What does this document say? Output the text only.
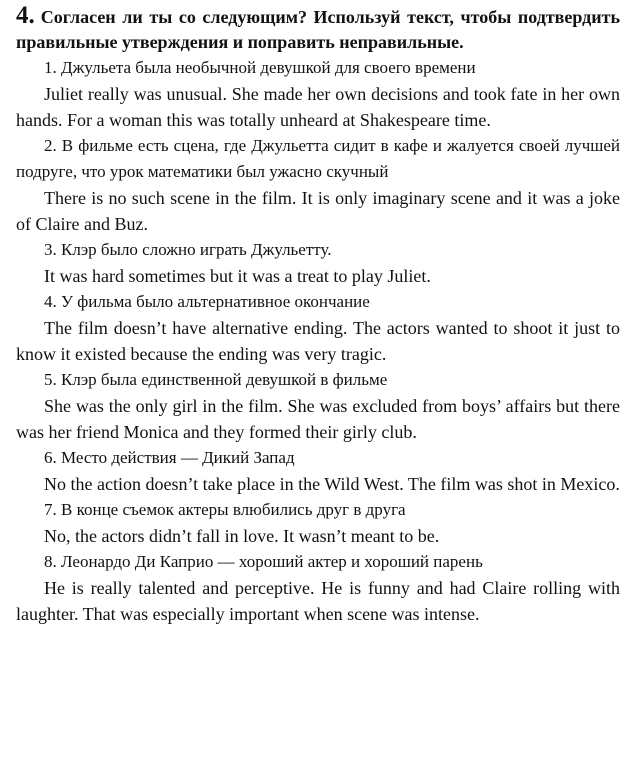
4. Согласен ли ты со следующим? Используй текст, чтобы подтвердить правильные утверждения и поправить неправильные.

1. Джульета была необычной девушкой для своего времени

Juliet really was unusual. She made her own decisions and took fate in her own hands. For a woman this was totally unheard at Shakespeare time.

2. В фильме есть сцена, где Джульетта сидит в кафе и жалуется своей лучшей подруге, что урок математики был ужасно скучный

There is no such scene in the film. It is only imaginary scene and it was a joke of Claire and Buz.

3. Клэр было сложно играть Джульетту.

It was hard sometimes but it was a treat to play Juliet.

4. У фильма было альтернативное окончание

The film doesn’t have alternative ending. The actors wanted to shoot it just to know it existed because the ending was very tragic.

5. Клэр была единственной девушкой в фильме

She was the only girl in the film. She was excluded from boys’ affairs but there was her friend Monica and they formed their girly club.

6. Место действия — Дикий Запад

No the action doesn’t take place in the Wild West. The film was shot in Mexico.

7. В конце съемок актеры влюбились друг в друга

No, the actors didn’t fall in love. It wasn’t meant to be.

8. Леонардо Ди Каприо — хороший актер и хороший парень

He is really talented and perceptive. He is funny and had Claire rolling with laughter. That was especially important when scene was intense.
